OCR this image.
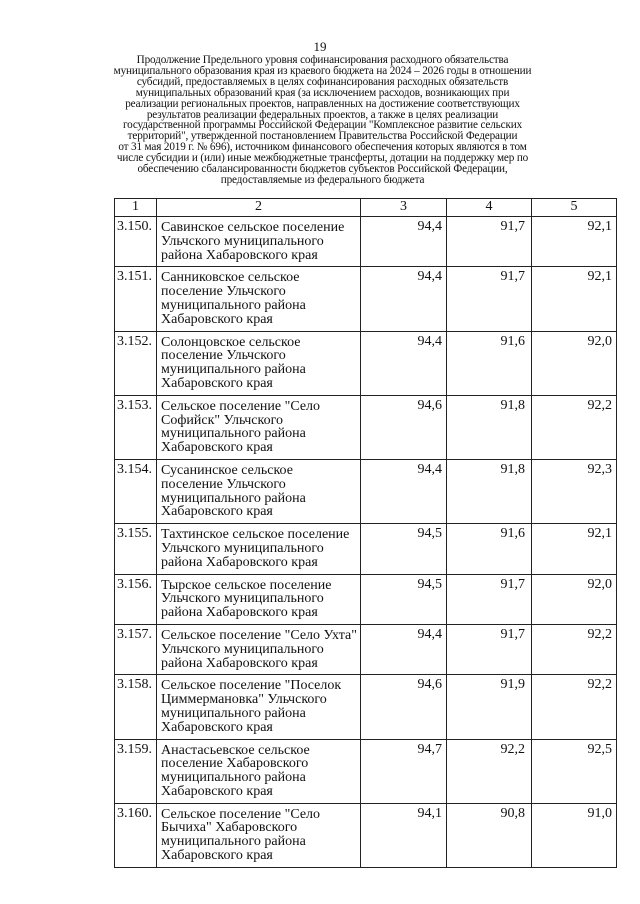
19
Продолжение Предельного уровня софинансирования расходного обязательства
муниципального образования края из краевого бюджета на 2024 – 2026 годы в отношении
субсидий, предоставляемых в целях софинансирования расходных обязательств
муниципальных образований края (за исключением расходов, возникающих при
реализации региональных проектов, направленных на достижение соответствующих
результатов реализации федеральных проектов, а также в целях реализации
государственной программы Российской Федерации "Комплексное развитие сельских
территорий", утвержденной постановлением Правительства Российской Федерации
от 31 мая 2019 г. № 696), источником финансового обеспечения которых являются в том
числе субсидии и (или) иные межбюджетные трансферты, дотации на поддержку мер по
обеспечению сбалансированности бюджетов субъектов Российской Федерации,
предоставляемые из федерального бюджета
1	2	3	4	5
3.150.	Савинское сельское поселение Ульчского муниципального района Хабаровского края	94,4	91,7	92,1
3.151.	Санниковское сельское поселение Ульчского муниципального района Хабаровского края	94,4	91,7	92,1
3.152.	Солонцовское сельское поселение Ульчского муниципального района Хабаровского края	94,4	91,6	92,0
3.153.	Сельское поселение "Село Софийск" Ульчского муниципального района Хабаровского края	94,6	91,8	92,2
3.154.	Сусанинское сельское поселение Ульчского муниципального района Хабаровского края	94,4	91,8	92,3
3.155.	Тахтинское сельское поселение Ульчского муниципального района Хабаровского края	94,5	91,6	92,1
3.156.	Тырское сельское поселение Ульчского муниципального района Хабаровского края	94,5	91,7	92,0
3.157.	Сельское поселение "Село Ухта" Ульчского муниципального района Хабаровского края	94,4	91,7	92,2
3.158.	Сельское поселение "Поселок Циммермановка" Ульчского муниципального района Хабаровского края	94,6	91,9	92,2
3.159.	Анастасьевское сельское поселение Хабаровского муниципального района Хабаровского края	94,7	92,2	92,5
3.160.	Сельское поселение "Село Бычиха" Хабаровского муниципального района Хабаровского края	94,1	90,8	91,0
